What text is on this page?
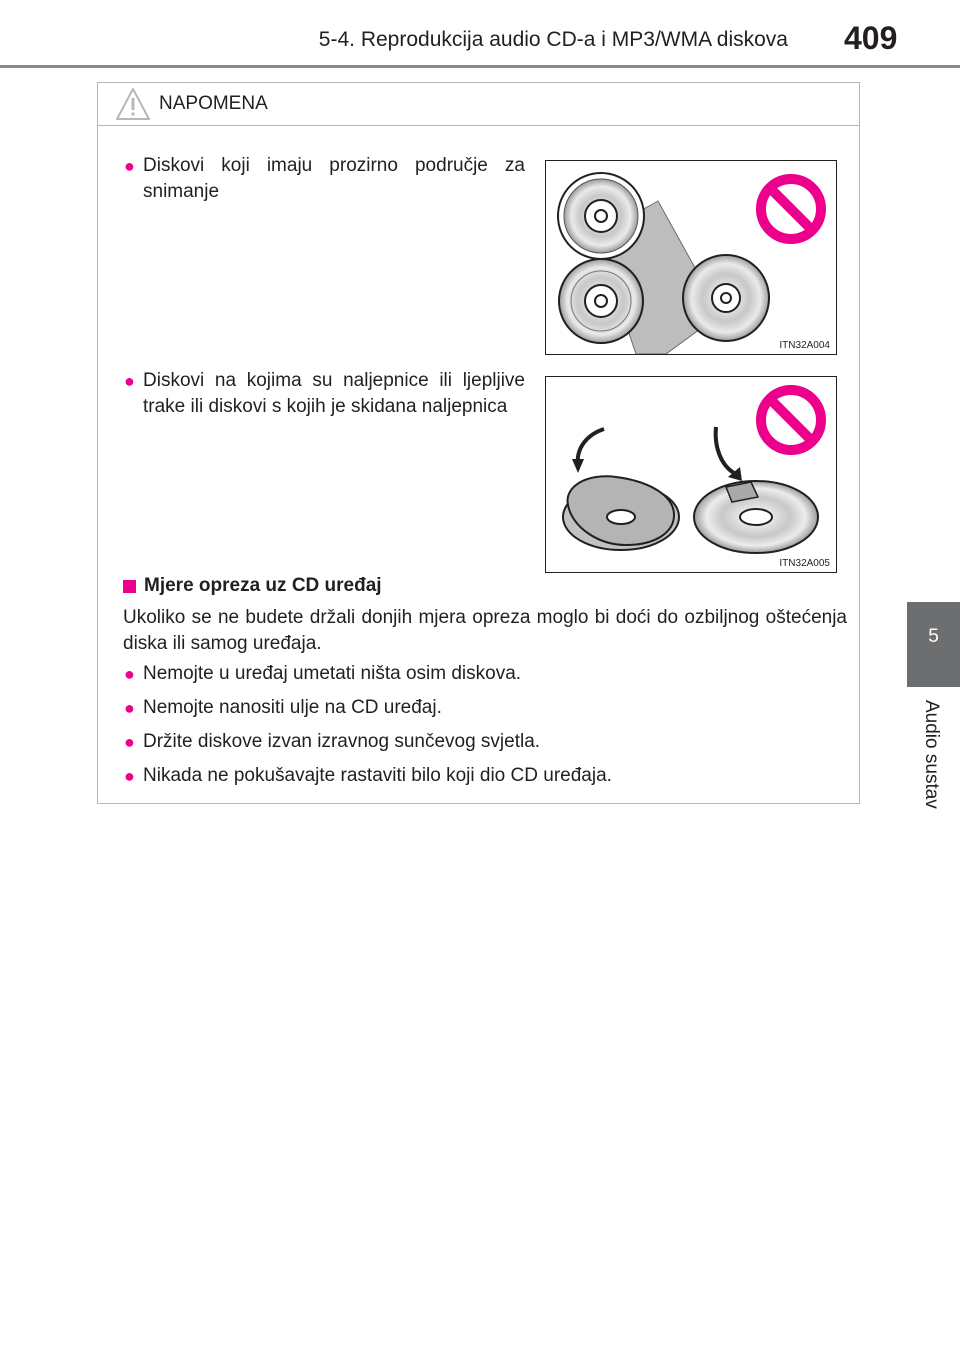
5-4. Reprodukcija audio CD-a i MP3/WMA diskova 409
5
Audio sustav
NAPOMENA
● Diskovi koji imaju prozirno područje za snimanje
ITN32A004
● Diskovi na kojima su naljepnice ili ljepljive trake ili diskovi s kojih je skidana naljepnica
ITN32A005
Mjere opreza uz CD uređaj
Ukoliko se ne budete držali donjih mjera opreza moglo bi doći do ozbiljnog oštećenja diska ili samog uređaja.
● Nemojte u uređaj umetati ništa osim diskova.
● Nemojte nanositi ulje na CD uređaj.
● Držite diskove izvan izravnog sunčevog svjetla.
● Nikada ne pokušavajte rastaviti bilo koji dio CD uređaja.
